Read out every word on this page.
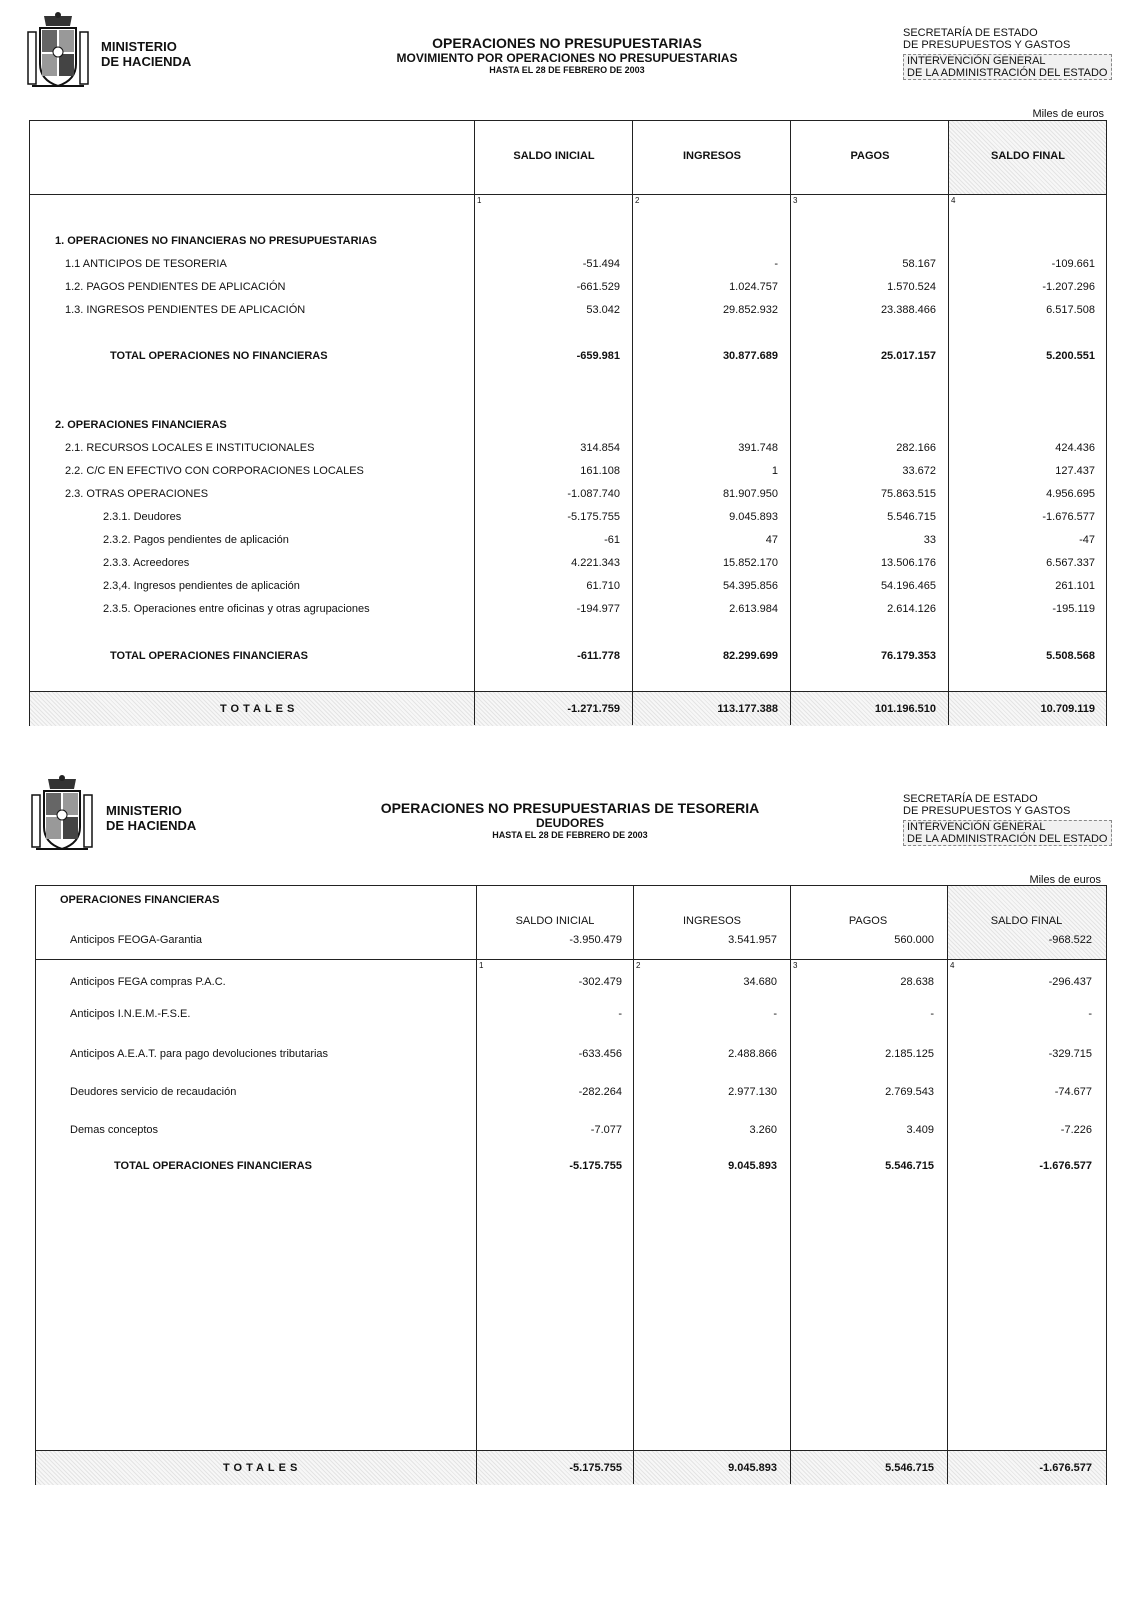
MINISTERIO
DE HACIENDA
OPERACIONES NO PRESUPUESTARIAS
MOVIMIENTO POR OPERACIONES NO PRESUPUESTARIAS
HASTA EL 28 DE FEBRERO DE 2003
SECRETARÍA DE ESTADO
DE PRESUPUESTOS Y GASTOS
INTERVENCIÓN GENERAL
DE LA ADMINISTRACIÓN DEL ESTADO
Miles de euros
SALDO INICIAL	INGRESOS	PAGOS	SALDO FINAL
1	2	3	4
TOTALES	-1.271.759	113.177.388	101.196.510	10.709.119
1. OPERACIONES NO FINANCIERAS NO PRESUPUESTARIAS
1.1 ANTICIPOS DE TESORERIA	-51.494	-	58.167	-109.661
1.2. PAGOS PENDIENTES DE APLICACIÓN	-661.529	1.024.757	1.570.524	-1.207.296
1.3. INGRESOS PENDIENTES DE APLICACIÓN	53.042	29.852.932	23.388.466	6.517.508
TOTAL OPERACIONES NO FINANCIERAS	-659.981	30.877.689	25.017.157	5.200.551
2. OPERACIONES FINANCIERAS
2.1. RECURSOS LOCALES E INSTITUCIONALES	314.854	391.748	282.166	424.436
2.2. C/C EN EFECTIVO CON CORPORACIONES LOCALES	161.108	1	33.672	127.437
2.3. OTRAS OPERACIONES	-1.087.740	81.907.950	75.863.515	4.956.695
2.3.1. Deudores	-5.175.755	9.045.893	5.546.715	-1.676.577
2.3.2. Pagos pendientes de aplicación	-61	47	33	-47
2.3.3. Acreedores	4.221.343	15.852.170	13.506.176	6.567.337
2.3,4. Ingresos pendientes de aplicación	61.710	54.395.856	54.196.465	261.101
2.3.5. Operaciones entre oficinas y otras agrupaciones	-194.977	2.613.984	2.614.126	-195.119
TOTAL OPERACIONES FINANCIERAS	-611.778	82.299.699	76.179.353	5.508.568
MINISTERIO
DE HACIENDA
OPERACIONES NO PRESUPUESTARIAS DE TESORERIA
DEUDORES
HASTA EL 28 DE FEBRERO DE 2003
SECRETARÍA DE ESTADO
DE PRESUPUESTOS Y GASTOS
INTERVENCIÓN GENERAL
DE LA ADMINISTRACIÓN DEL ESTADO
Miles de euros
SALDO INICIAL	INGRESOS	PAGOS	SALDO FINAL
1	2	3	4
TOTALES	-5.175.755	9.045.893	5.546.715	-1.676.577
OPERACIONES FINANCIERAS
Anticipos FEOGA-Garantia	-3.950.479	3.541.957	560.000	-968.522
Anticipos FEGA compras P.A.C.	-302.479	34.680	28.638	-296.437
Anticipos I.N.E.M.-F.S.E.	-	-	-	-
Anticipos A.E.A.T. para pago devoluciones tributarias	-633.456	2.488.866	2.185.125	-329.715
Deudores servicio de recaudación	-282.264	2.977.130	2.769.543	-74.677
Demas conceptos	-7.077	3.260	3.409	-7.226
TOTAL OPERACIONES FINANCIERAS	-5.175.755	9.045.893	5.546.715	-1.676.577
